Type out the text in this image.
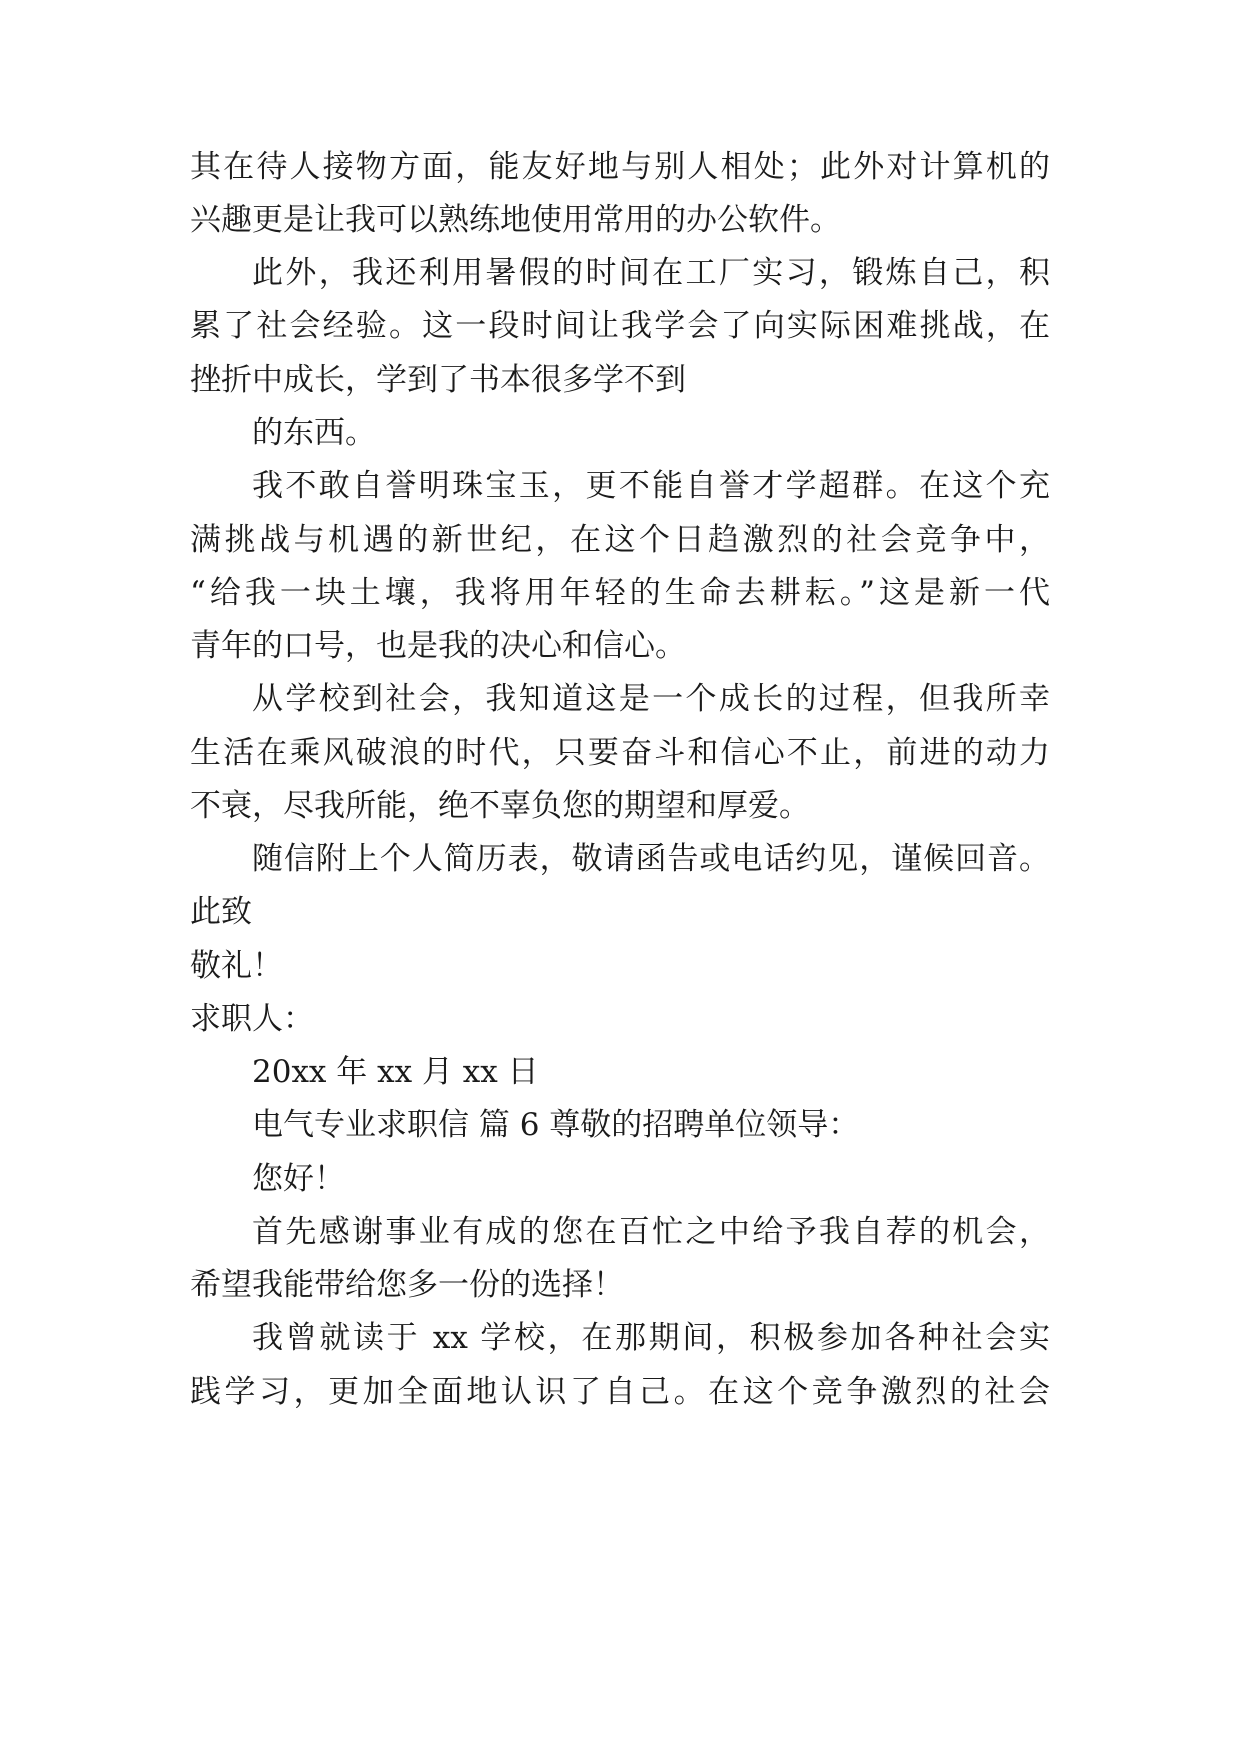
其在待人接物方面，能友好地与别人相处；此外对计算机的

兴趣更是让我可以熟练地使用常用的办公软件。

此外，我还利用暑假的时间在工厂实习，锻炼自己，积

累了社会经验。这一段时间让我学会了向实际困难挑战，在

挫折中成长，学到了书本很多学不到

的东西。

我不敢自誉明珠宝玉，更不能自誉才学超群。在这个充

满挑战与机遇的新世纪，在这个日趋激烈的社会竞争中，

“给我一块土壤，我将用年轻的生命去耕耘。”这是新一代

青年的口号，也是我的决心和信心。

从学校到社会，我知道这是一个成长的过程，但我所幸

生活在乘风破浪的时代，只要奋斗和信心不止，前进的动力

不衰，尽我所能，绝不辜负您的期望和厚爱。

随信附上个人简历表，敬请函告或电话约见，谨候回音。

此致

敬礼！

求职人：

20xx 年 xx 月 xx 日

电气专业求职信 篇 6 尊敬的招聘单位领导：

您好！

首先感谢事业有成的您在百忙之中给予我自荐的机会，

希望我能带给您多一份的选择！

我曾就读于 xx 学校，在那期间，积极参加各种社会实

践学习，更加全面地认识了自己。在这个竞争激烈的社会
